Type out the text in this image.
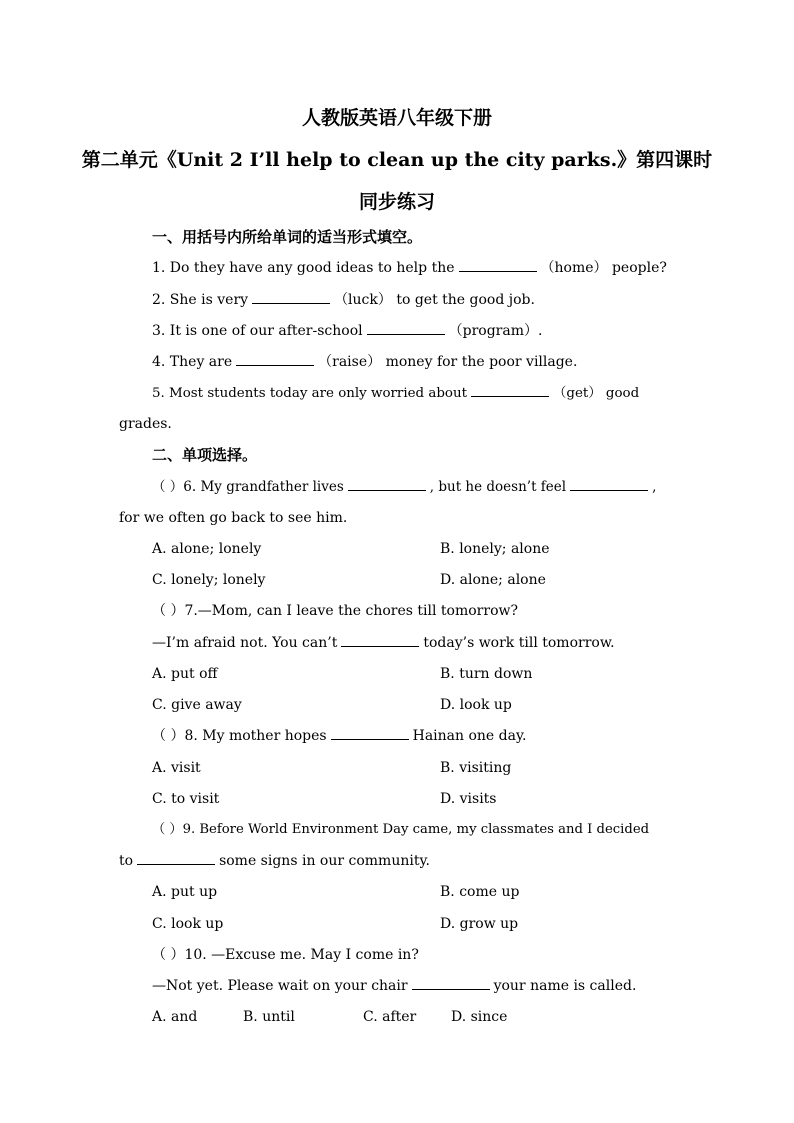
人教版英语八年级下册
第二单元《Unit 2 I’ll help to clean up the city parks.》第四课时
同步练习
一、用括号内所给单词的适当形式填空。
1. Do they have any good ideas to help the	（home） people?
2. She is very	（luck） to get the good job.
3. It is one of our after-school	（program）.
4. They are	（raise） money for the poor village.
5. Most students today are only worried about	（get） good
grades.
二、单项选择。
（ ）6. My grandfather lives	, but he doesn’t feel	,
for we often go back to see him.
A. alone; lonely	B. lonely; alone
C. lonely; lonely	D. alone; alone
（ ）7.—Mom, can I leave the chores till tomorrow?
—I’m afraid not. You can’t	today’s work till tomorrow.
A. put off	B. turn down
C. give away	D. look up
（ ）8. My mother hopes	Hainan one day.
A. visit	B. visiting
C. to visit	D. visits
（ ）9. Before World Environment Day came, my classmates and I decided
to	some signs in our community.
A. put up	B. come up
C. look up	D. grow up
（ ）10. —Excuse me. May I come in?
—Not yet. Please wait on your chair	your name is called.
A. and	B. until	C. after D. since
